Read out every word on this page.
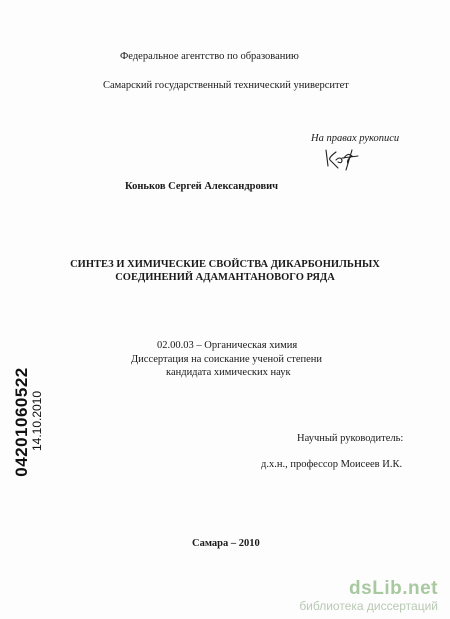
Федеральное агентство по образованию
Самарский государственный технический университет
На правах рукописи
Коньков Сергей Александрович
СИНТЕЗ И ХИМИЧЕСКИЕ СВОЙСТВА ДИКАРБОНИЛЬНЫХ
СОЕДИНЕНИЙ АДАМАНТАНОВОГО РЯДА
02.00.03 – Органическая химия
Диссертация на соискание ученой степени
кандидата химических наук
Научный руководитель:
д.х.н., профессор Моисеев И.К.
Самара – 2010
04201060522 14.10.2010
dsLib.net
библиотека диссертаций
